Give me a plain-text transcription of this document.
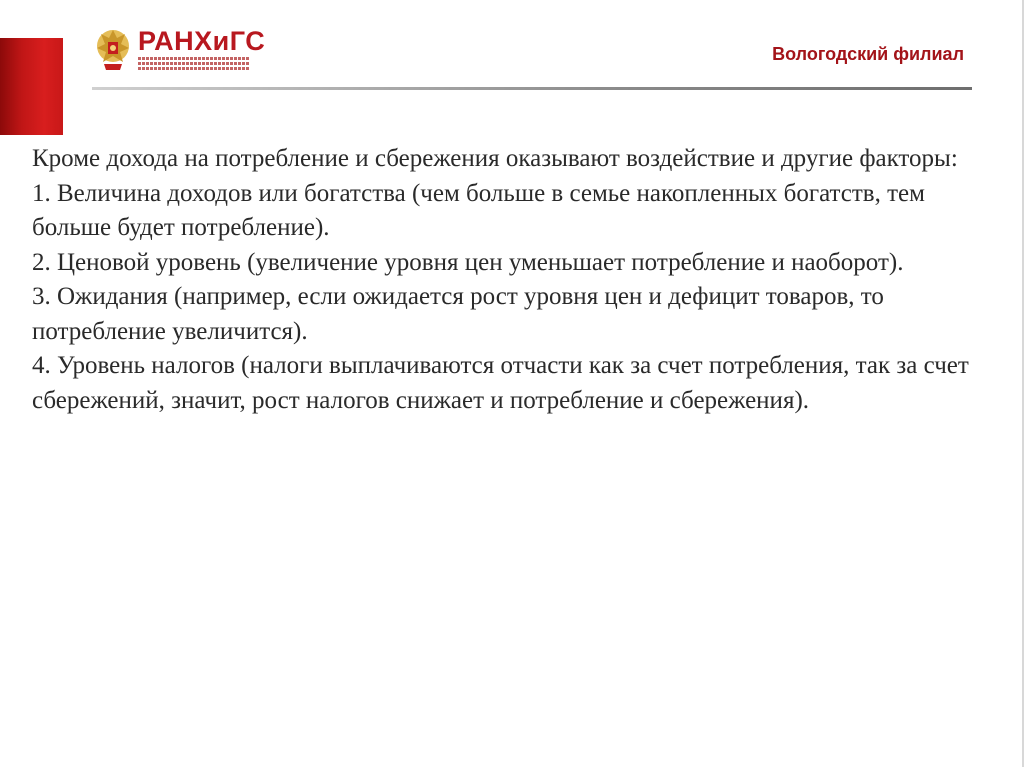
РАНХиГС	Вологодский филиал

Кроме дохода на потребление и сбережения оказывают воздействие и другие факторы:

1. Величина доходов или богатства (чем больше в семье накопленных богатств, тем больше будет потребление).

2. Ценовой уровень (увеличение уровня цен уменьшает потребление и наоборот).

3. Ожидания (например, если ожидается рост уровня цен и дефицит товаров, то потребление увеличится).

4. Уровень налогов (налоги выплачиваются отчасти как за счет потребления, так за счет сбережений, значит, рост налогов снижает и потребление и сбережения).
